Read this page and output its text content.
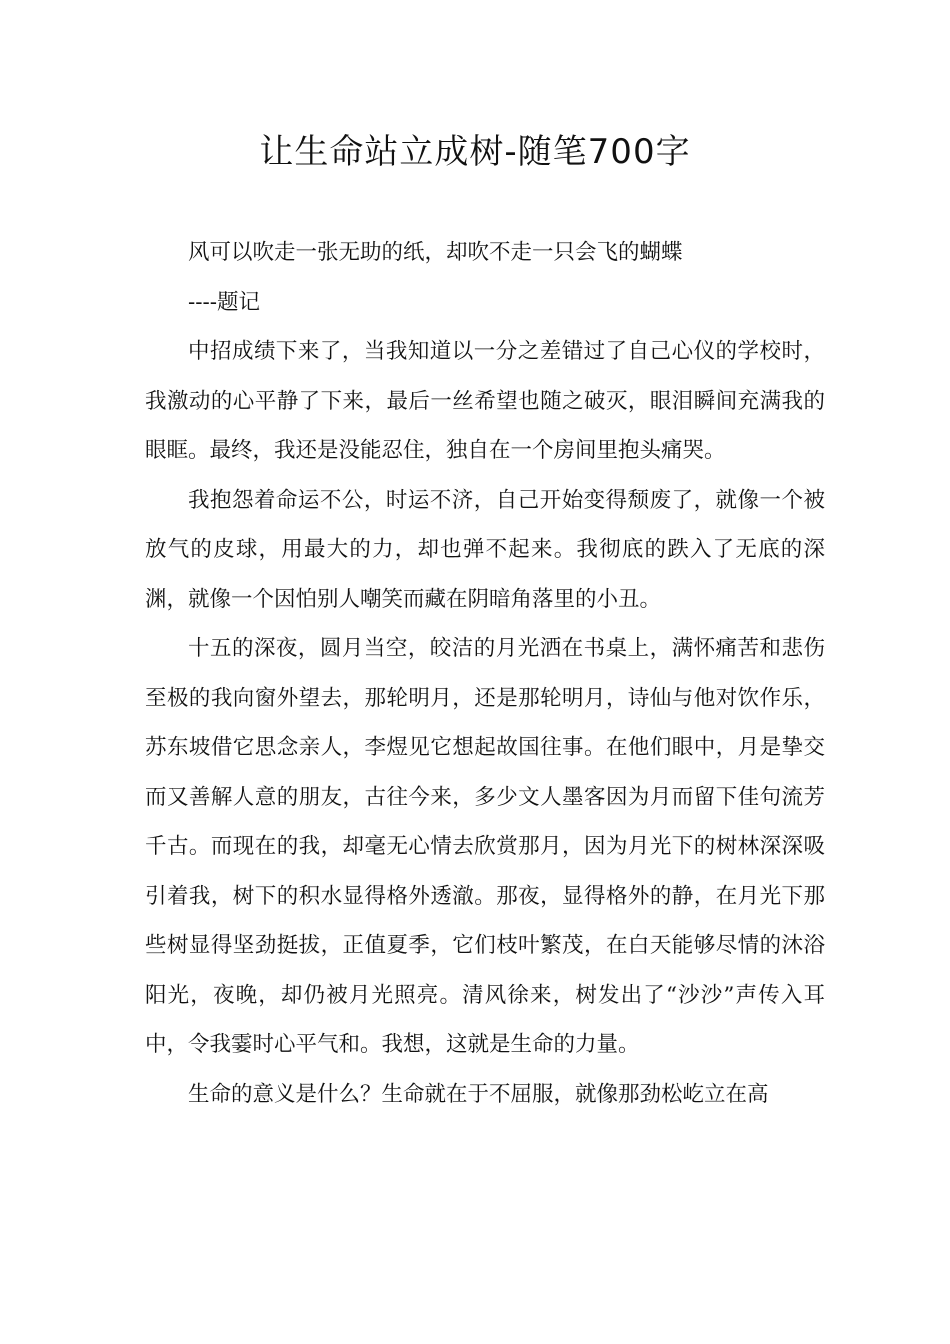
让生命站立成树-随笔700字

风可以吹走一张无助的纸，却吹不走一只会飞的蝴蝶

----题记

中招成绩下来了，当我知道以一分之差错过了自己心仪的学校时，我激动的心平静了下来，最后一丝希望也随之破灭，眼泪瞬间充满我的眼眶。最终，我还是没能忍住，独自在一个房间里抱头痛哭。

我抱怨着命运不公，时运不济，自己开始变得颓废了，就像一个被放气的皮球，用最大的力，却也弹不起来。我彻底的跌入了无底的深渊，就像一个因怕别人嘲笑而藏在阴暗角落里的小丑。

十五的深夜，圆月当空，皎洁的月光洒在书桌上，满怀痛苦和悲伤至极的我向窗外望去，那轮明月，还是那轮明月，诗仙与他对饮作乐，苏东坡借它思念亲人，李煜见它想起故国往事。在他们眼中，月是挚交而又善解人意的朋友，古往今来，多少文人墨客因为月而留下佳句流芳千古。而现在的我，却毫无心情去欣赏那月，因为月光下的树林深深吸引着我，树下的积水显得格外透澈。那夜，显得格外的静，在月光下那些树显得坚劲挺拔，正值夏季，它们枝叶繁茂，在白天能够尽情的沐浴阳光，夜晚，却仍被月光照亮。清风徐来，树发出了“沙沙”声传入耳中，令我霎时心平气和。我想，这就是生命的力量。

生命的意义是什么？生命就在于不屈服，就像那劲松屹立在高
